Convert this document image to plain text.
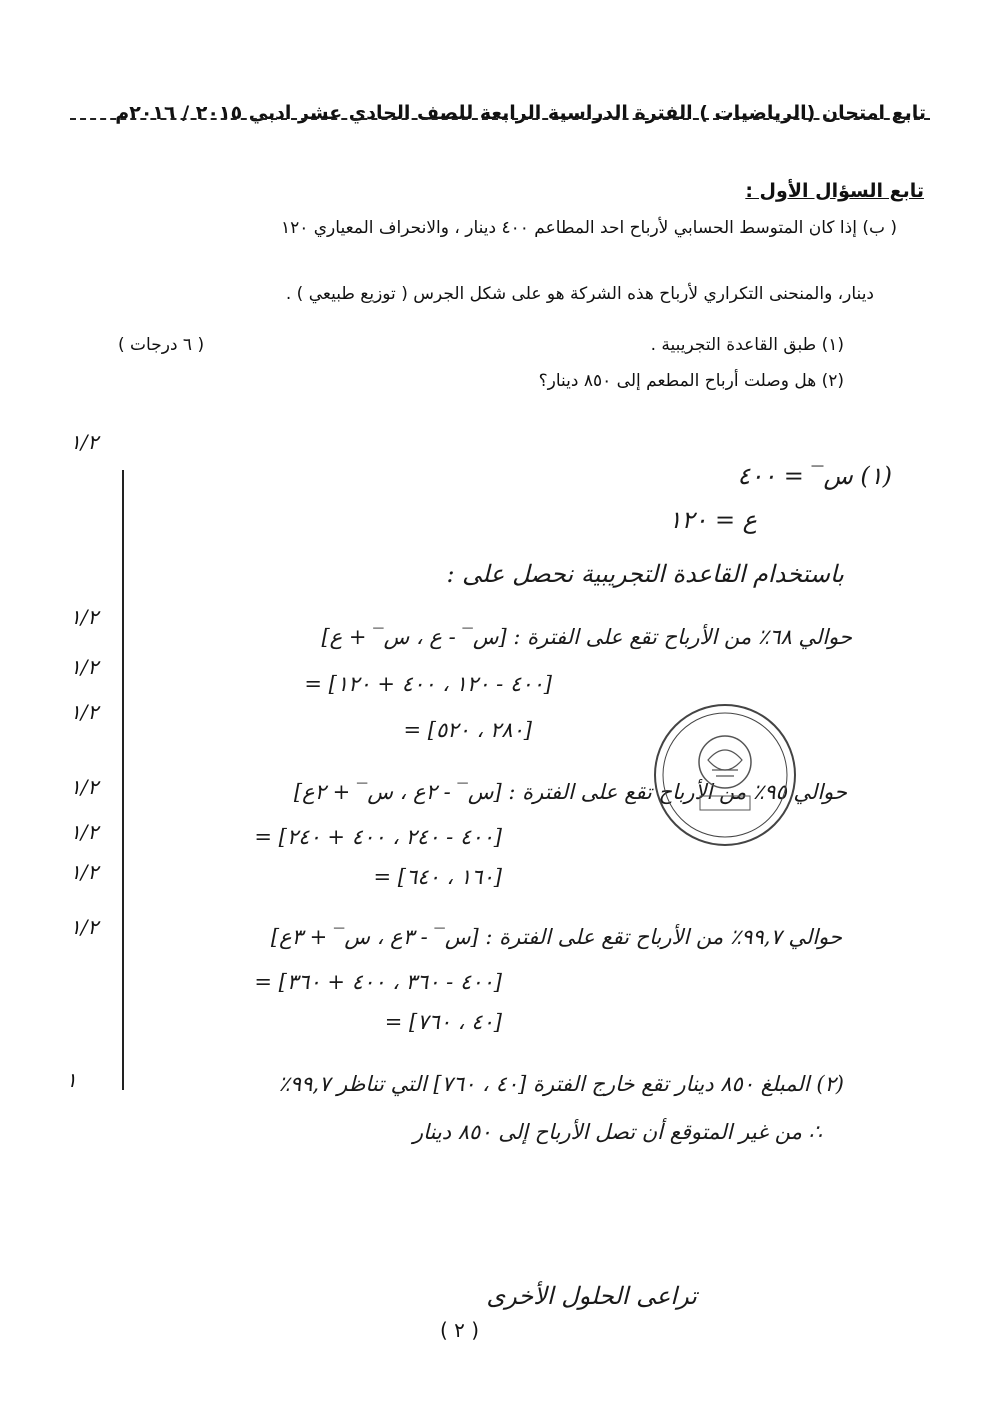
تابع امتحان (الرياضيات ) الفترة الدراسية الرابعة للصف الحادي عشر ادبي ٢٠١٥ / ٢٠١٦م
تابع السؤال الأول :
( ب) إذا كان المتوسط الحسابي لأرباح احد المطاعم ٤٠٠ دينار ، والانحراف المعياري ١٢٠
دينار، والمنحنى التكراري لأرباح هذه الشركة هو على شكل الجرس ( توزيع طبيعي ) .
(١) طبق القاعدة التجريبية .
( ٦ درجات )
(٢) هل وصلت أرباح المطعم إلى ٨٥٠ دينار؟
١/٢
١/٢
١/٢
١/٢
١/٢
١/٢
١/٢
١/٢
١
(١) س‾ = ٤٠٠
ع = ١٢٠
باستخدام القاعدة التجريبية نحصل على :
حوالي ٦٨٪ من الأرباح تقع على الفترة : [س‾ - ع ، س‾ + ع]
= [٤٠٠ - ١٢٠ ، ٤٠٠ + ١٢٠]
= [٢٨٠ ، ٥٢٠]
حوالي ٩٥٪ من الأرباح تقع على الفترة : [س‾ - ٢ع ، س‾ + ٢ع]
= [٤٠٠ - ٢٤٠ ، ٤٠٠ + ٢٤٠]
= [١٦٠ ، ٦٤٠]
حوالي ٩٩,٧٪ من الأرباح تقع على الفترة : [س‾ - ٣ع ، س‾ + ٣ع]
= [٤٠٠ - ٣٦٠ ، ٤٠٠ + ٣٦٠]
= [٤٠ ، ٧٦٠]
(٢) المبلغ ٨٥٠ دينار تقع خارج الفترة [٤٠ ، ٧٦٠] التي تناظر ٩٩,٧٪
∴ من غير المتوقع أن تصل الأرباح إلى ٨٥٠ دينار
تراعى الحلول الأخرى
( ٢ )
